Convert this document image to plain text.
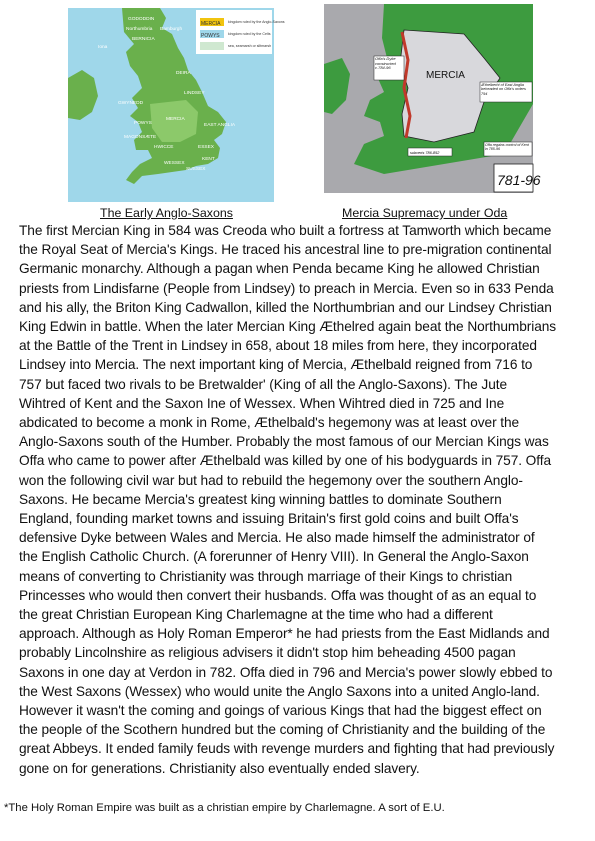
MERCIA
POWYS
kingdom ruled by the Anglo-Saxons
kingdom ruled by the Celts
sea, seamarsh or siltmarsh
GODODDIN
Northumbria Bamburgh
BERNICIA
DEIRA
LINDSEY
MERCIA
EAST ANGLIA
GWYNEDD
POWYS
MAGONSÆTE
HWICCE	ESSEX
KENT
WESSEX
SUSSEX
Iona
Offa's Dyke constructed c.784-96
MERCIA
Æthelberht of East Anglia beheaded on Offa's orders 794
subverts 786-852
Offa regains control of Kent in 785-96
781-96
The Early Anglo-Saxons	Mercia Supremacy under Oda
The first Mercian King in 584 was Creoda who built a fortress at Tamworth which became
the Royal Seat of Mercia's Kings. He traced his ancestral line to pre-migration continental
Germanic monarchy. Although a pagan when Penda became King he allowed Christian
priests from Lindisfarne (People from Lindsey) to preach in Mercia. Even so in 633 Penda
and his ally, the Briton King Cadwallon, killed the Northumbrian and our Lindsey Christian
King Edwin in battle. When the later Mercian King Æthelred again beat the Northumbrians
at the Battle of the Trent in Lindsey in 658, about 18 miles from here, they incorporated
Lindsey into Mercia. The next important king of Mercia, Æthelbald reigned from 716 to
757 but faced two rivals to be Bretwalder' (King of all the Anglo-Saxons). The Jute
Wihtred of Kent and the Saxon Ine of Wessex. When Wihtred died in 725 and Ine
abdicated to become a monk in Rome, Æthelbald's hegemony was at least over the
Anglo-Saxons south of the Humber. Probably the most famous of our Mercian Kings was
Offa who came to power after Æthelbald was killed by one of his bodyguards in 757. Offa
won the following civil war but had to rebuild the hegemony over the southern Anglo-
Saxons. He became Mercia's greatest king winning battles to dominate Southern
England, founding market towns and issuing Britain's first gold coins and built Offa's
defensive Dyke between Wales and Mercia. He also made himself the administrator of
the English Catholic Church. (A forerunner of Henry VIII). In General the Anglo-Saxon
means of converting to Christianity was through marriage of their Kings to christian
Princesses who would then convert their husbands. Offa was thought of as an equal to
the great Christian European King Charlemagne at the time who had a different
approach. Although as Holy Roman Emperor* he had priests from the East Midlands and
probably Lincolnshire as religious advisers it didn't stop him beheading 4500 pagan
Saxons in one day at Verdon in 782. Offa died in 796 and Mercia's power slowly ebbed to
the West Saxons (Wessex) who would unite the Anglo Saxons into a united Anglo-land.
However it wasn't the coming and goings of various Kings that had the biggest effect on
the people of the Scothern hundred but the coming of Christianity and the building of the
great Abbeys. It ended family feuds with revenge murders and fighting that had previously
gone on for generations. Christianity also eventually ended slavery.

*The Holy Roman Empire was built as a christian empire by Charlemagne. A sort of E.U.
